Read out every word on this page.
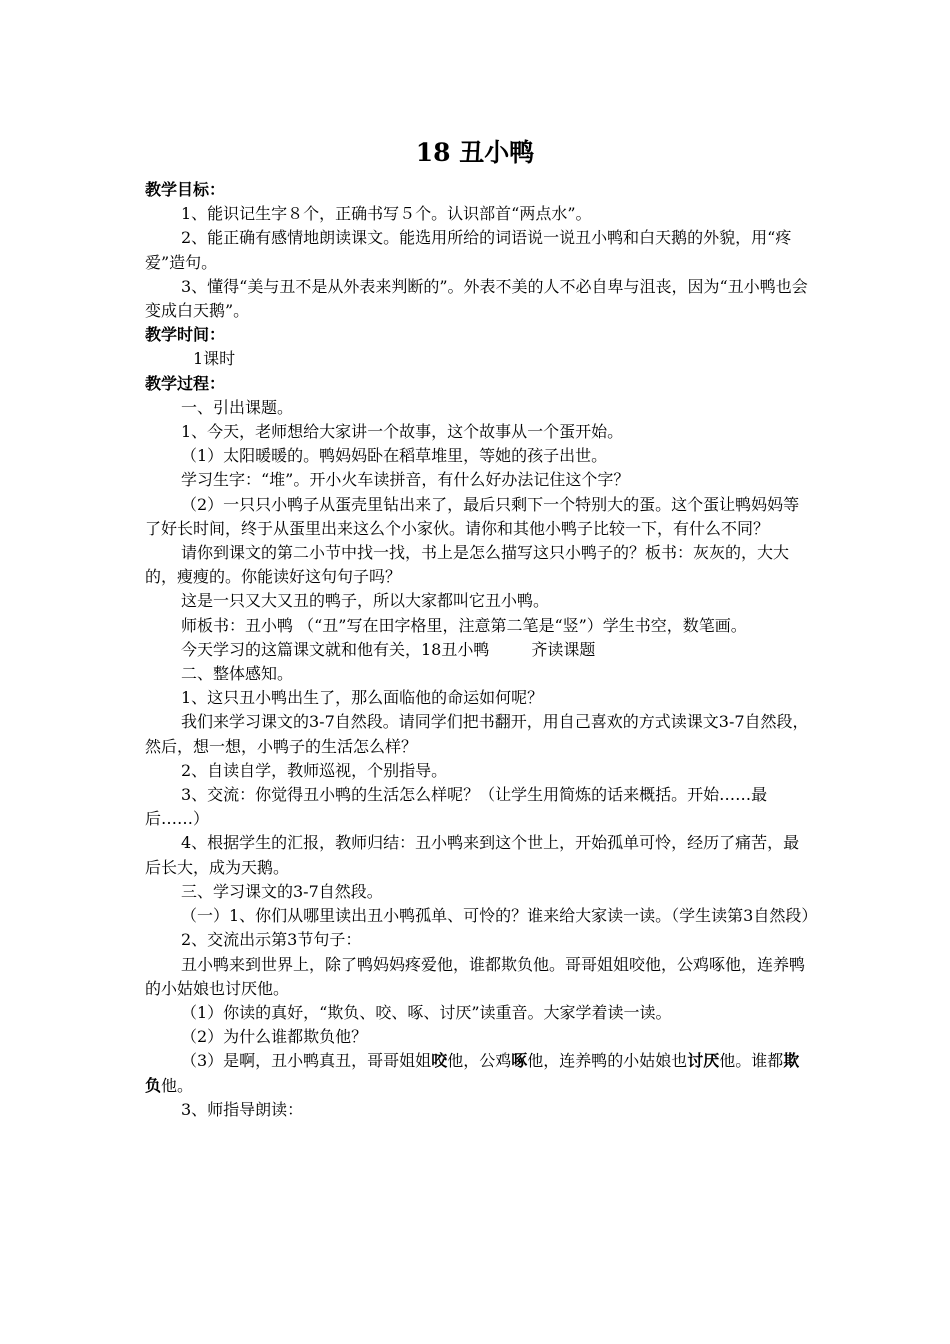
18 丑小鸭

教学目标：

1、能识记生字８个，正确书写５个。认识部首“两点水”。

2、能正确有感情地朗读课文。能选用所给的词语说一说丑小鸭和白天鹅的外貌，用“疼爱”造句。

3、懂得“美与丑不是从外表来判断的”。外表不美的人不必自卑与沮丧，因为“丑小鸭也会变成白天鹅”。

教学时间：

1课时

教学过程：

一、引出课题。

1、今天，老师想给大家讲一个故事，这个故事从一个蛋开始。

（1）太阳暖暖的。鸭妈妈卧在稻草堆里，等她的孩子出世。

学习生字：“堆”。开小火车读拼音，有什么好办法记住这个字？

（2）一只只小鸭子从蛋壳里钻出来了，最后只剩下一个特别大的蛋。这个蛋让鸭妈妈等了好长时间，终于从蛋里出来这么个小家伙。请你和其他小鸭子比较一下，有什么不同？

请你到课文的第二小节中找一找，书上是怎么描写这只小鸭子的？板书：灰灰的，大大的，瘦瘦的。你能读好这句句子吗？

这是一只又大又丑的鸭子，所以大家都叫它丑小鸭。

师板书：丑小鸭 （“丑”写在田字格里，注意第二笔是“竖”）学生书空，数笔画。

今天学习的这篇课文就和他有关，18丑小鸭	齐读课题

二、整体感知。

1、这只丑小鸭出生了，那么面临他的命运如何呢？

我们来学习课文的3-7自然段。请同学们把书翻开，用自己喜欢的方式读课文3-7自然段，然后，想一想，小鸭子的生活怎么样？

2、自读自学，教师巡视，个别指导。

3、交流：你觉得丑小鸭的生活怎么样呢？（让学生用简炼的话来概括。开始……最后……）

4、根据学生的汇报，教师归结：丑小鸭来到这个世上，开始孤单可怜，经历了痛苦，最后长大，成为天鹅。

三、学习课文的3-7自然段。

（一）1、你们从哪里读出丑小鸭孤单、可怜的？谁来给大家读一读。（学生读第3自然段）

2、交流出示第3节句子：

丑小鸭来到世界上，除了鸭妈妈疼爱他，谁都欺负他。哥哥姐姐咬他，公鸡啄他，连养鸭的小姑娘也讨厌他。

（1）你读的真好，“欺负、咬、啄、讨厌”读重音。大家学着读一读。

（2）为什么谁都欺负他？

（3）是啊，丑小鸭真丑，哥哥姐姐咬他，公鸡啄他，连养鸭的小姑娘也讨厌他。谁都欺负他。

3、师指导朗读：
